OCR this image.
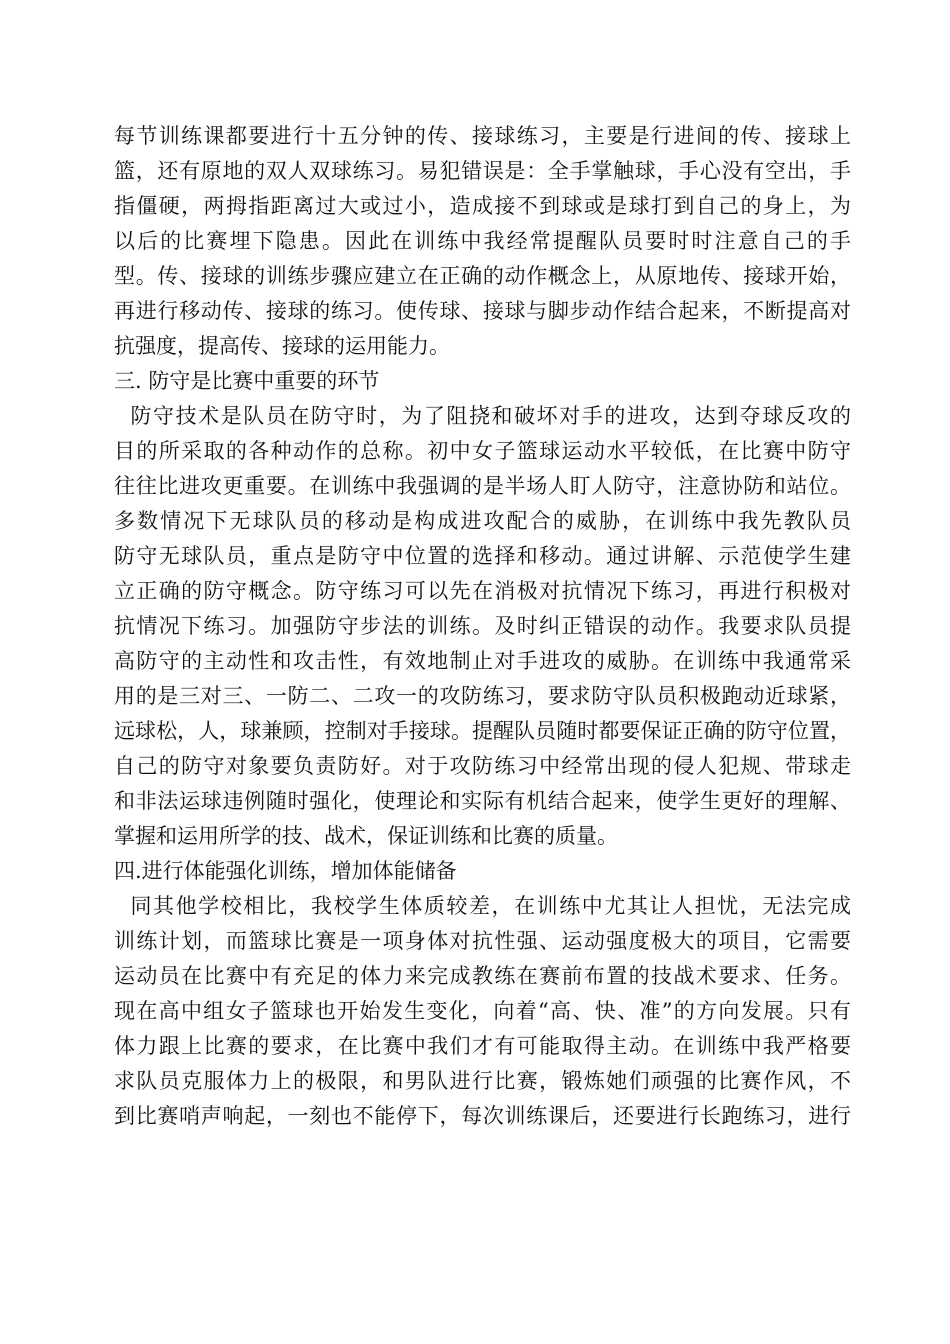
每节训练课都要进行十五分钟的传、接球练习，主要是行进间的传、接球上
篮，还有原地的双人双球练习。易犯错误是：全手掌触球，手心没有空出，手
指僵硬，两拇指距离过大或过小，造成接不到球或是球打到自己的身上，为
以后的比赛埋下隐患。因此在训练中我经常提醒队员要时时注意自己的手
型。传、接球的训练步骤应建立在正确的动作概念上，从原地传、接球开始，
再进行移动传、接球的练习。使传球、接球与脚步动作结合起来，不断提高对
抗强度，提高传、接球的运用能力。
三. 防守是比赛中重要的环节
防守技术是队员在防守时，为了阻挠和破坏对手的进攻，达到夺球反攻的
目的所采取的各种动作的总称。初中女子篮球运动水平较低，在比赛中防守
往往比进攻更重要。在训练中我强调的是半场人盯人防守，注意协防和站位。
多数情况下无球队员的移动是构成进攻配合的威胁，在训练中我先教队员
防守无球队员，重点是防守中位置的选择和移动。通过讲解、示范使学生建
立正确的防守概念。防守练习可以先在消极对抗情况下练习，再进行积极对
抗情况下练习。加强防守步法的训练。及时纠正错误的动作。我要求队员提
高防守的主动性和攻击性，有效地制止对手进攻的威胁。在训练中我通常采
用的是三对三、一防二、二攻一的攻防练习，要求防守队员积极跑动近球紧，
远球松，人，球兼顾，控制对手接球。提醒队员随时都要保证正确的防守位置，
自己的防守对象要负责防好。对于攻防练习中经常出现的侵人犯规、带球走
和非法运球违例随时强化，使理论和实际有机结合起来，使学生更好的理解、
掌握和运用所学的技、战术，保证训练和比赛的质量。
四.进行体能强化训练，增加体能储备
同其他学校相比，我校学生体质较差，在训练中尤其让人担忧，无法完成
训练计划，而篮球比赛是一项身体对抗性强、运动强度极大的项目，它需要
运动员在比赛中有充足的体力来完成教练在赛前布置的技战术要求、任务。
现在高中组女子篮球也开始发生变化，向着“高、快、准”的方向发展。只有
体力跟上比赛的要求，在比赛中我们才有可能取得主动。在训练中我严格要
求队员克服体力上的极限，和男队进行比赛，锻炼她们顽强的比赛作风，不
到比赛哨声响起，一刻也不能停下，每次训练课后，还要进行长跑练习，进行
